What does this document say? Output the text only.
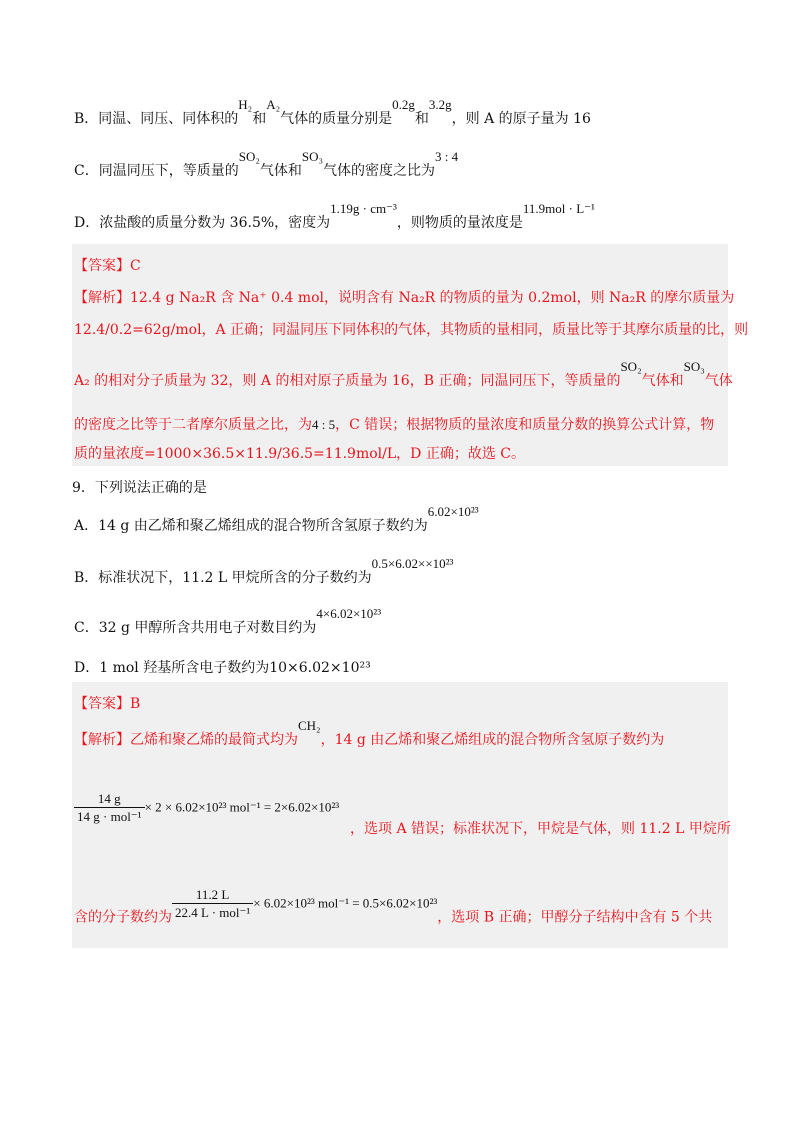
B．同温、同压、同体积的H₂和A₂气体的质量分别是0.2g和3.2g，则 A 的原子量为 16
C．同温同压下，等质量的SO₂气体和SO₃气体的密度之比为3 : 4
D．浓盐酸的质量分数为 36.5%，密度为1.19g · cm⁻³，则物质的量浓度是11.9mol · L⁻¹
【答案】C
【解析】12.4 g Na₂R 含 Na⁺ 0.4 mol，说明含有 Na₂R 的物质的量为 0.2mol，则 Na₂R 的摩尔质量为
12.4/0.2=62g/mol，A 正确；同温同压下同体积的气体，其物质的量相同，质量比等于其摩尔质量的比，则
A₂ 的相对分子质量为 32，则 A 的相对原子质量为 16，B 正确；同温同压下，等质量的SO₂气体和SO₃气体
的密度之比等于二者摩尔质量之比，为4 : 5，C 错误；根据物质的量浓度和质量分数的换算公式计算，物
质的量浓度=1000×36.5×11.9/36.5=11.9mol/L，D 正确；故选 C。
9．下列说法正确的是
A．14 g 由乙烯和聚乙烯组成的混合物所含氢原子数约为6.02×10²³
B．标准状况下，11.2 L 甲烷所含的分子数约为0.5×6.02××10²³
C．32 g 甲醇所含共用电子对数目约为4×6.02×10²³
D．1 mol 羟基所含电子数约为10×6.02×10²³
【答案】B
【解析】乙烯和聚乙烯的最简式均为CH₂，14 g 由乙烯和聚乙烯组成的混合物所含氢原子数约为
$\frac{14 g}{\text{14 g · mol⁻¹}} \times 2 \times 6.02\times 10^{23}$ mol⁻¹ = 2×6.02×10²³
，选项 A 错误；标准状况下，甲烷是气体，则 11.2 L 甲烷所
含的分子数约为 $\frac{11.2 L}{\text{22.4 L · mol⁻¹}} \times 6.02\times 10^{23}$ mol⁻¹ = 0.5×6.02×10²³，选项 B 正确；甲醇分子结构中含有 5 个共
